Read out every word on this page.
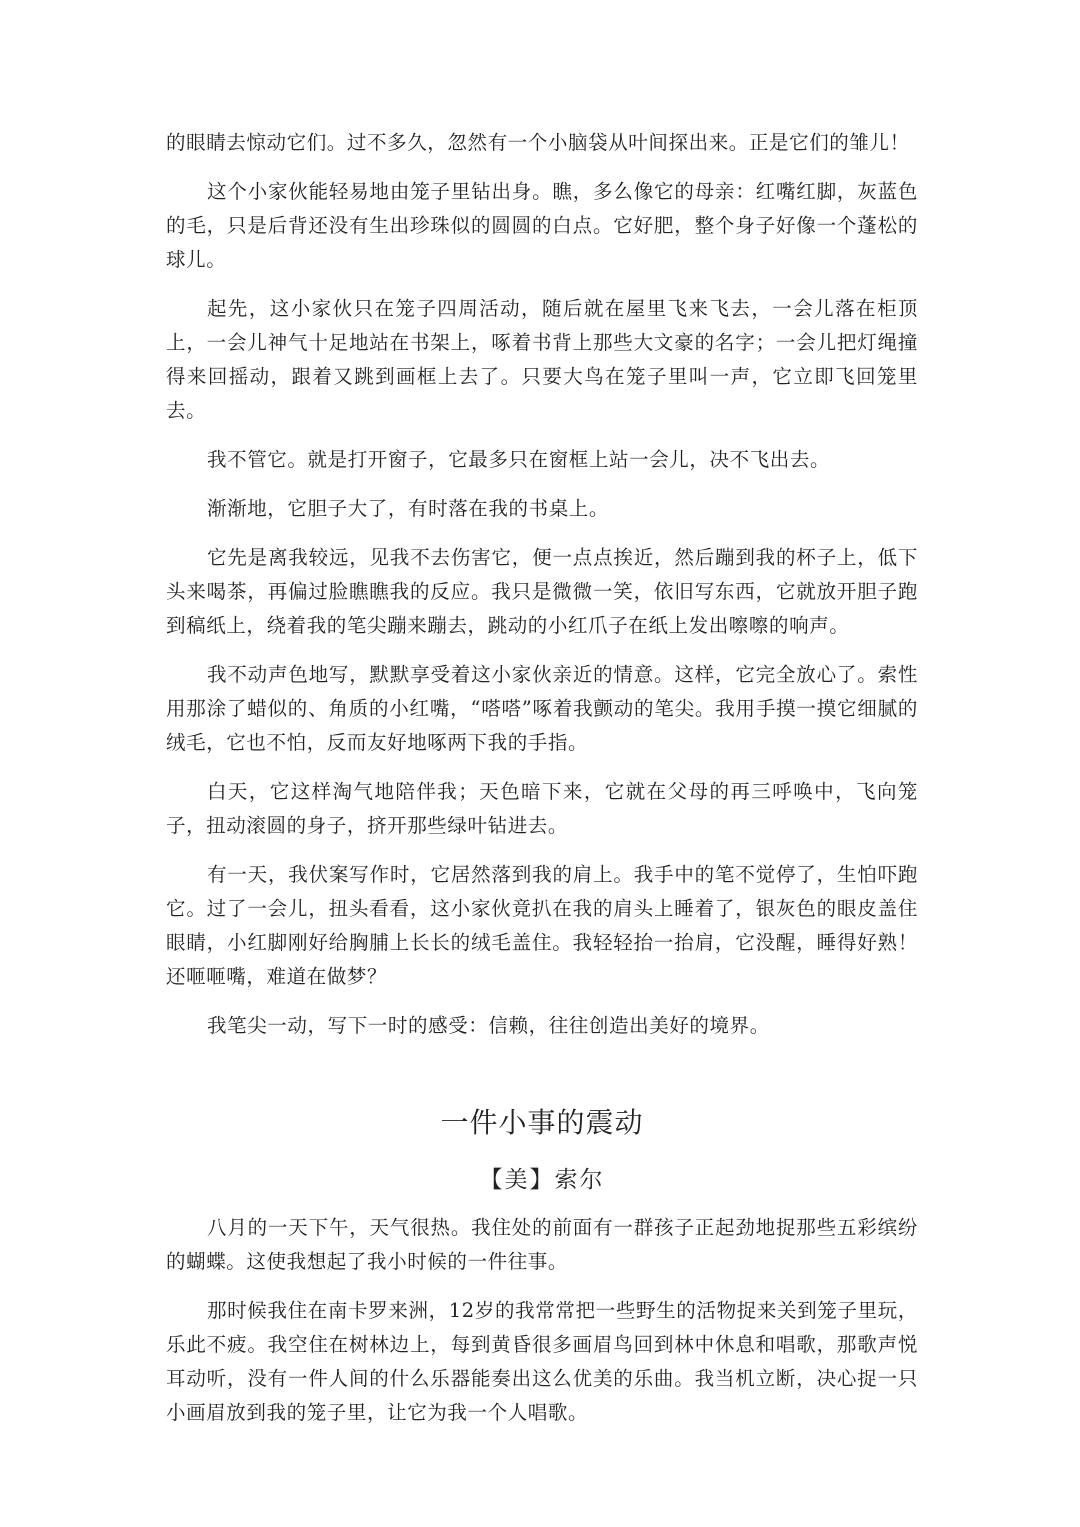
的眼睛去惊动它们。过不多久，忽然有一个小脑袋从叶间探出来。正是它们的雏儿！

这个小家伙能轻易地由笼子里钻出身。瞧，多么像它的母亲：红嘴红脚，灰蓝色的毛，只是后背还没有生出珍珠似的圆圆的白点。它好肥，整个身子好像一个蓬松的球儿。

起先，这小家伙只在笼子四周活动，随后就在屋里飞来飞去，一会儿落在柜顶上，一会儿神气十足地站在书架上，啄着书背上那些大文豪的名字；一会儿把灯绳撞得来回摇动，跟着又跳到画框上去了。只要大鸟在笼子里叫一声，它立即飞回笼里去。

我不管它。就是打开窗子，它最多只在窗框上站一会儿，决不飞出去。

渐渐地，它胆子大了，有时落在我的书桌上。

它先是离我较远，见我不去伤害它，便一点点挨近，然后蹦到我的杯子上，低下头来喝茶，再偏过脸瞧瞧我的反应。我只是微微一笑，依旧写东西，它就放开胆子跑到稿纸上，绕着我的笔尖蹦来蹦去，跳动的小红爪子在纸上发出嚓嚓的响声。

我不动声色地写，默默享受着这小家伙亲近的情意。这样，它完全放心了。索性用那涂了蜡似的、角质的小红嘴，“嗒嗒”啄着我颤动的笔尖。我用手摸一摸它细腻的绒毛，它也不怕，反而友好地啄两下我的手指。

白天，它这样淘气地陪伴我；天色暗下来，它就在父母的再三呼唤中，飞向笼子，扭动滚圆的身子，挤开那些绿叶钻进去。

有一天，我伏案写作时，它居然落到我的肩上。我手中的笔不觉停了，生怕吓跑它。过了一会儿，扭头看看，这小家伙竟扒在我的肩头上睡着了，银灰色的眼皮盖住眼睛，小红脚刚好给胸脯上长长的绒毛盖住。我轻轻抬一抬肩，它没醒，睡得好熟！还咂咂嘴，难道在做梦？

我笔尖一动，写下一时的感受：信赖，往往创造出美好的境界。

一件小事的震动
【美】索尔

八月的一天下午，天气很热。我住处的前面有一群孩子正起劲地捉那些五彩缤纷的蝴蝶。这使我想起了我小时候的一件往事。

那时候我住在南卡罗来洲，12岁的我常常把一些野生的活物捉来关到笼子里玩，乐此不疲。我空住在树林边上，每到黄昏很多画眉鸟回到林中休息和唱歌，那歌声悦耳动听，没有一件人间的什么乐器能奏出这么优美的乐曲。我当机立断，决心捉一只小画眉放到我的笼子里，让它为我一个人唱歌。
